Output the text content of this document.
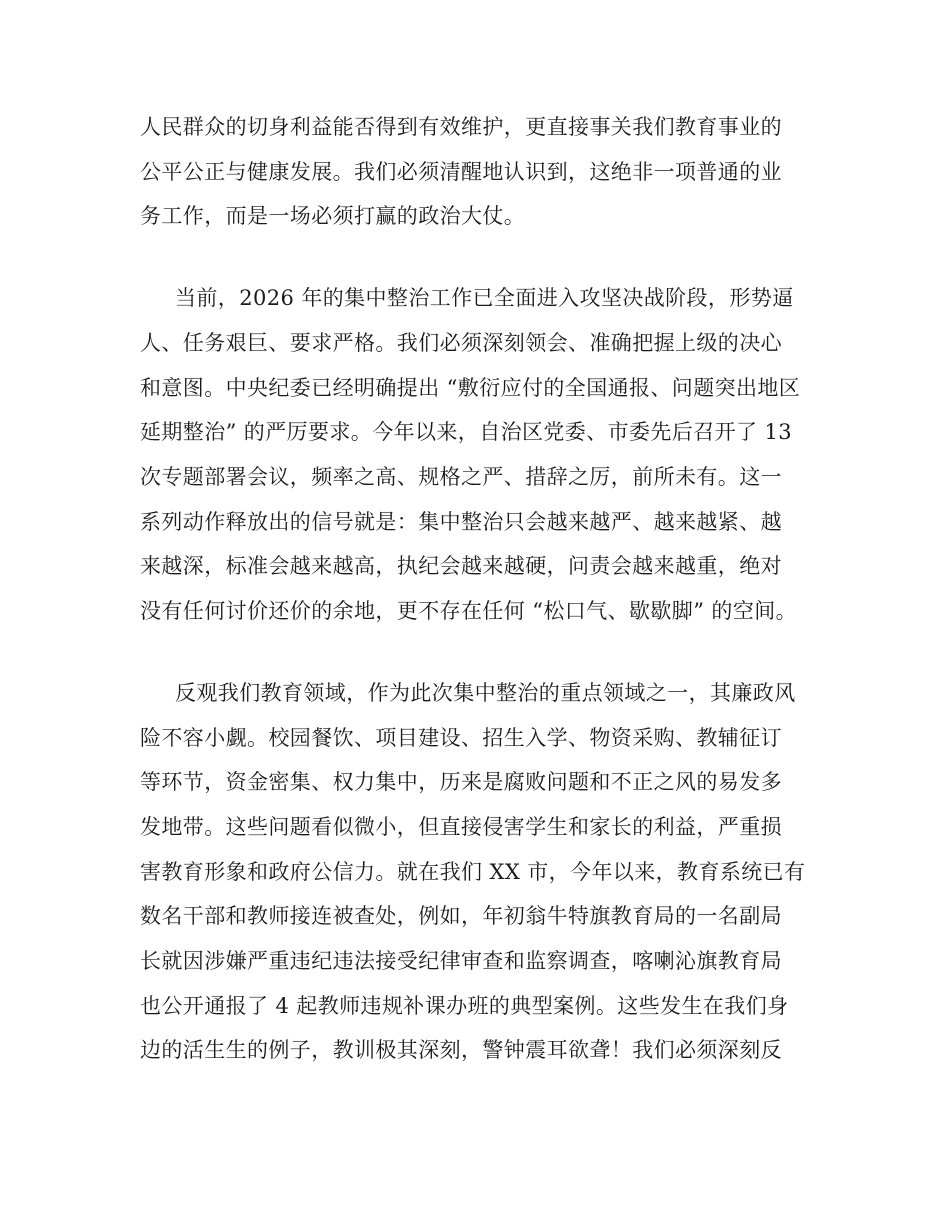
人民群众的切身利益能否得到有效维护，更直接事关我们教育事业的
公平公正与健康发展。我们必须清醒地认识到，这绝非一项普通的业
务工作，而是一场必须打赢的政治大仗。
当前，2026 年的集中整治工作已全面进入攻坚决战阶段，形势逼
人、任务艰巨、要求严格。我们必须深刻领会、准确把握上级的决心
和意图。中央纪委已经明确提出 “敷衍应付的全国通报、问题突出地区
延期整治” 的严厉要求。今年以来，自治区党委、市委先后召开了 13
次专题部署会议，频率之高、规格之严、措辞之厉，前所未有。这一
系列动作释放出的信号就是：集中整治只会越来越严、越来越紧、越
来越深，标准会越来越高，执纪会越来越硬，问责会越来越重，绝对
没有任何讨价还价的余地，更不存在任何 “松口气、歇歇脚” 的空间。
反观我们教育领域，作为此次集中整治的重点领域之一，其廉政风
险不容小觑。校园餐饮、项目建设、招生入学、物资采购、教辅征订
等环节，资金密集、权力集中，历来是腐败问题和不正之风的易发多
发地带。这些问题看似微小，但直接侵害学生和家长的利益，严重损
害教育形象和政府公信力。就在我们 XX 市，今年以来，教育系统已有
数名干部和教师接连被查处，例如，年初翁牛特旗教育局的一名副局
长就因涉嫌严重违纪违法接受纪律审查和监察调查，喀喇沁旗教育局
也公开通报了 4 起教师违规补课办班的典型案例。这些发生在我们身
边的活生生的例子，教训极其深刻，警钟震耳欲聋！我们必须深刻反
